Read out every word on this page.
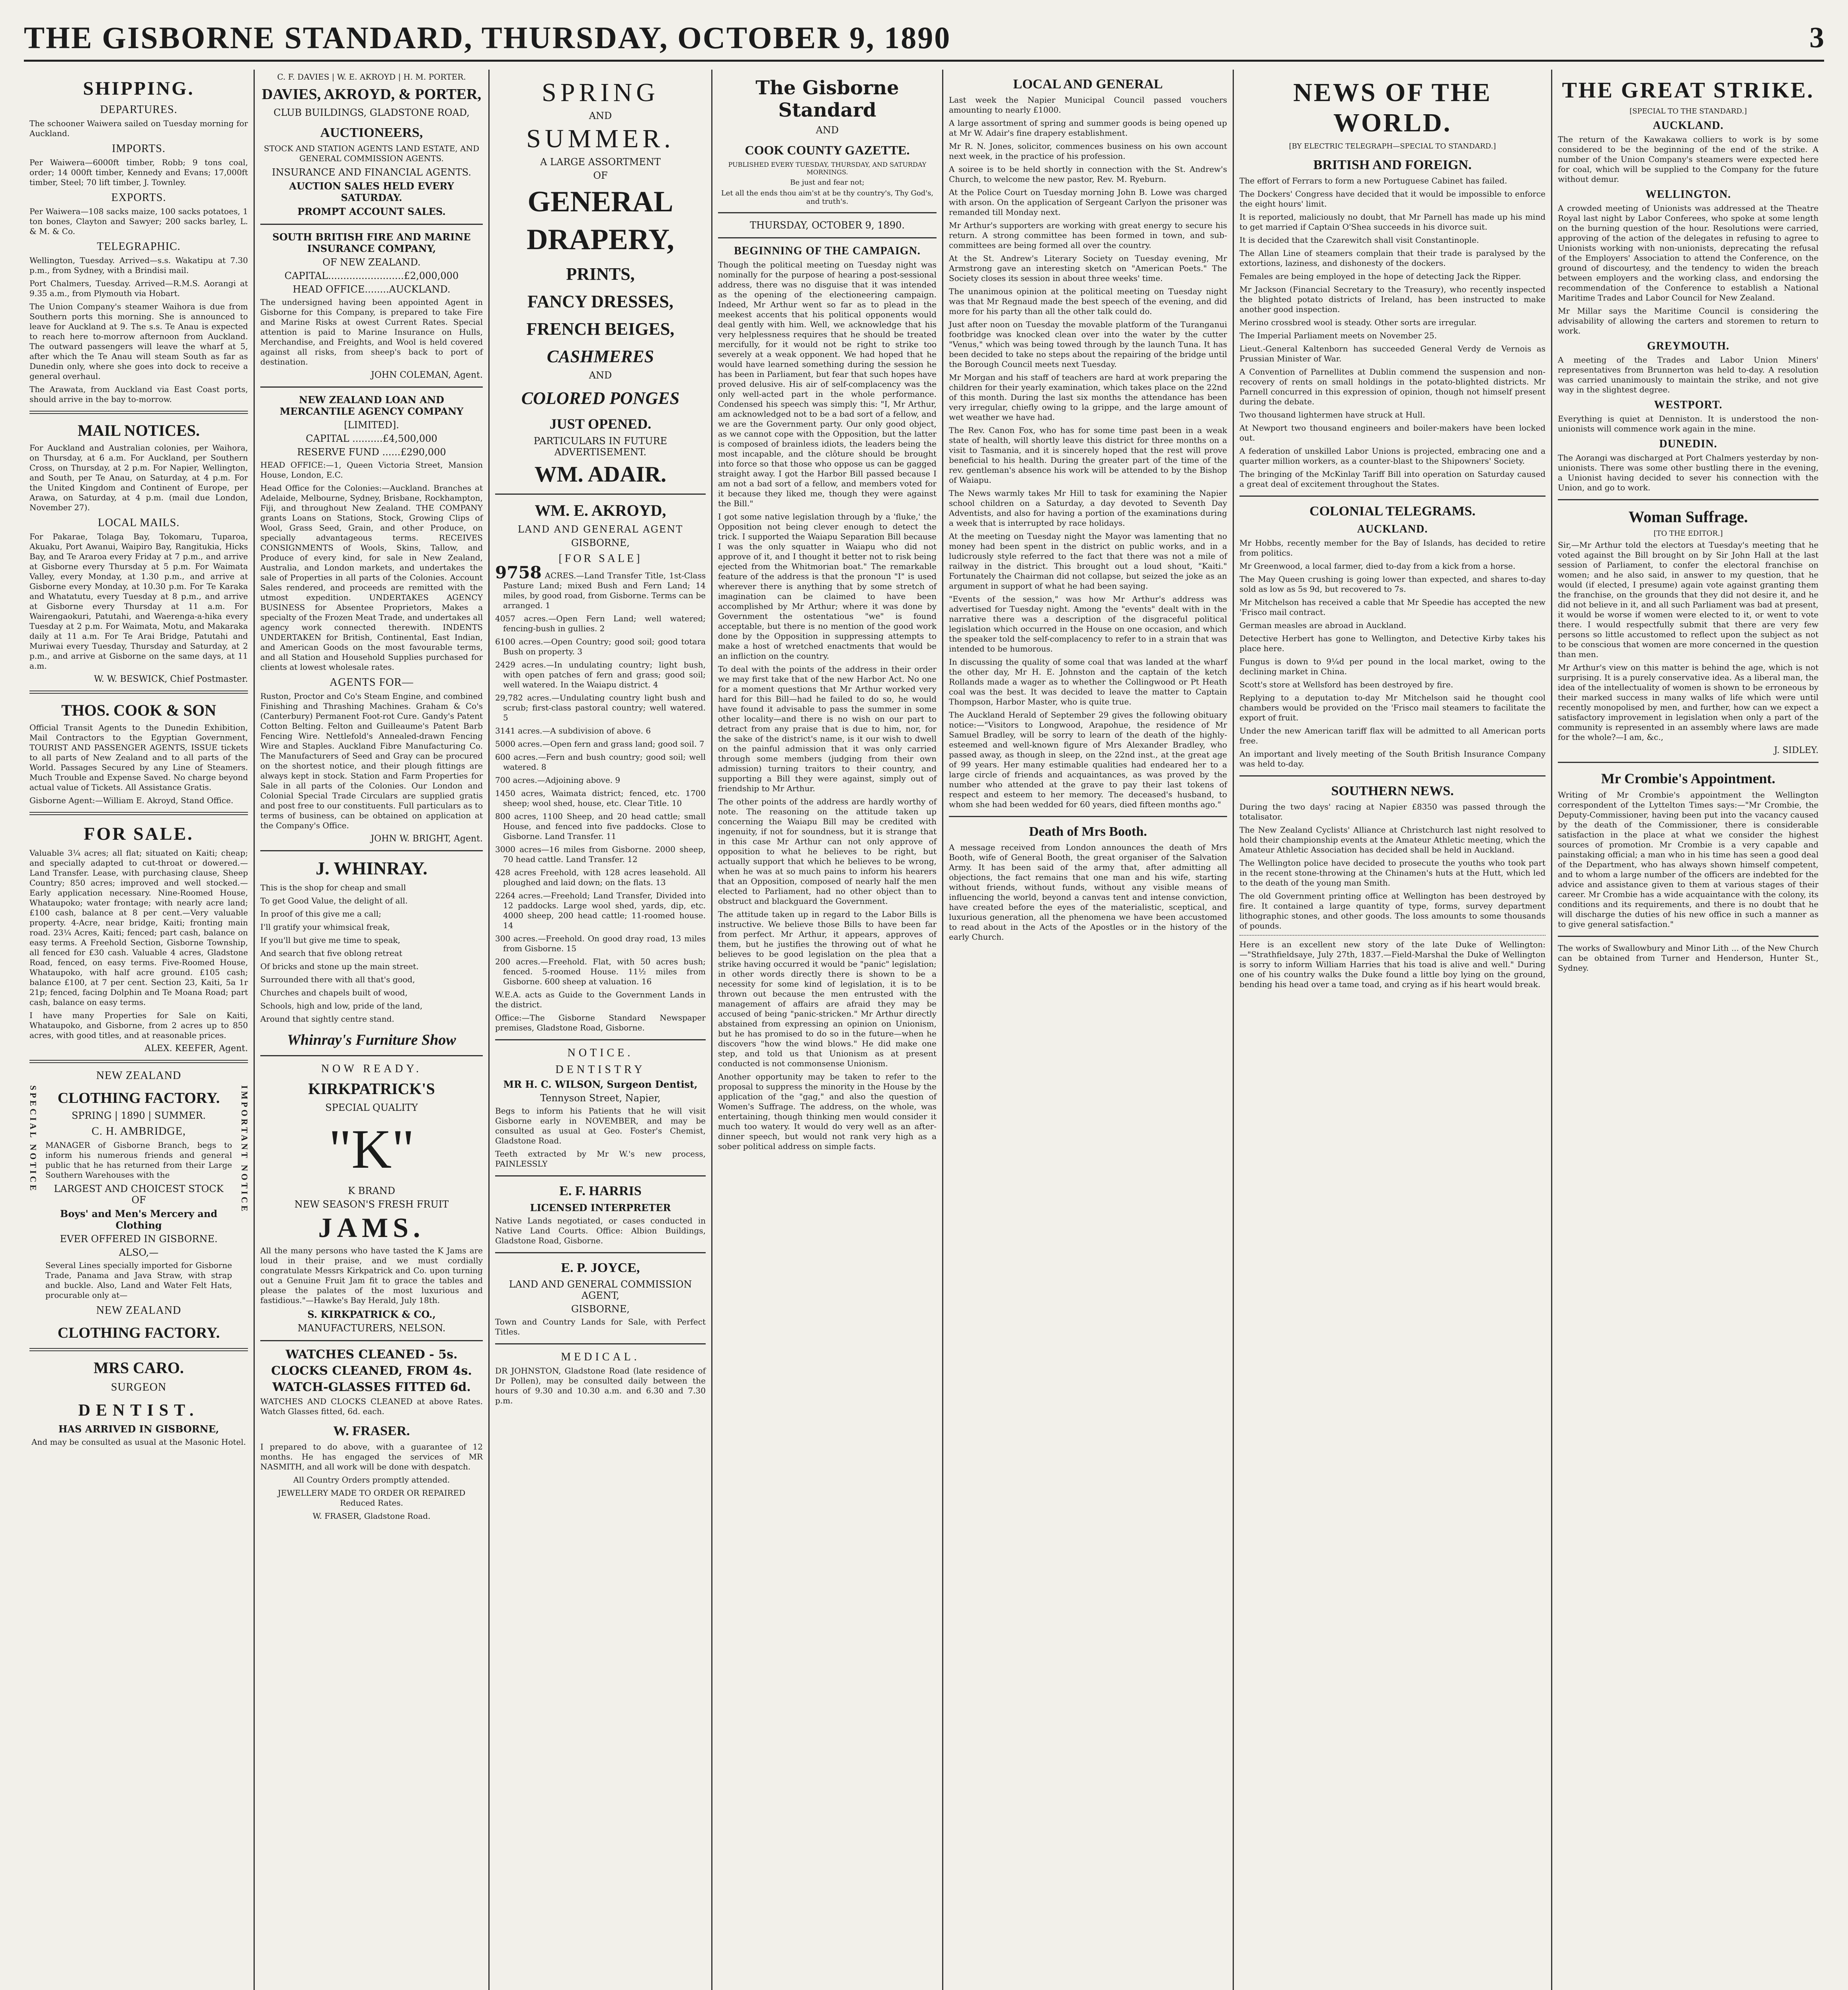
THE GISBORNE STANDARD, THURSDAY, OCTOBER 9, 1890	3
SHIPPING.
DEPARTURES.

The schooner Waiwera sailed on Tuesday morning for Auckland.

IMPORTS.

Per Waiwera—6000ft timber, Robb; 9 tons coal, order; 14 000ft timber, Kennedy and Evans; 17,000ft timber, Steel; 70 lift timber, J. Townley.

EXPORTS.

Per Waiwera—108 sacks maize, 100 sacks potatoes, 1 ton bones, Clayton and Sawyer; 200 sacks barley, L. & M. & Co.

TELEGRAPHIC.

Wellington, Tuesday. Arrived—s.s. Wakatipu at 7.30 p.m., from Sydney, with a Brindisi mail.

Port Chalmers, Tuesday. Arrived—R.M.S. Aorangi at 9.35 a.m., from Plymouth via Hobart.

The Union Company's steamer Waihora is due from Southern ports this morning. She is announced to leave for Auckland at 9. The s.s. Te Anau is expected to reach here to-morrow afternoon from Auckland. The outward passengers will leave the wharf at 5, after which the Te Anau will steam South as far as Dunedin only, where she goes into dock to receive a general overhaul.

The Arawata, from Auckland via East Coast ports, should arrive in the bay to-morrow.

MAIL NOTICES.

For Auckland and Australian colonies, per Waihora, on Thursday, at 6 a.m. For Auckland, per Southern Cross, on Thursday, at 2 p.m. For Napier, Wellington, and South, per Te Anau, on Saturday, at 4 p.m. For the United Kingdom and Continent of Europe, per Arawa, on Saturday, at 4 p.m. (mail due London, November 27).

LOCAL MAILS.

For Pakarae, Tolaga Bay, Tokomaru, Tuparoa, Akuaku, Port Awanui, Waipiro Bay, Rangitukia, Hicks Bay, and Te Araroa every Friday at 7 p.m., and arrive at Gisborne every Thursday at 5 p.m. For Waimata Valley, every Monday, at 1.30 p.m., and arrive at Gisborne every Monday, at 10.30 p.m. For Te Karaka and Whatatutu, every Tuesday at 8 p.m., and arrive at Gisborne every Thursday at 11 a.m. For Wairengaokuri, Patutahi, and Waerenga-a-hika every Tuesday at 2 p.m. For Waimata, Motu, and Makaraka daily at 11 a.m. For Te Arai Bridge, Patutahi and Muriwai every Tuesday, Thursday and Saturday, at 2 p.m., and arrive at Gisborne on the same days, at 11 a.m.

W. W. BESWICK, Chief Postmaster.
THOS. COOK & SON

Official Transit Agents to the Dunedin Exhibition, Mail Contractors to the Egyptian Government, TOURIST AND PASSENGER AGENTS, ISSUE tickets to all parts of New Zealand and to all parts of the World. Passages Secured by any Line of Steamers. Much Trouble and Expense Saved. No charge beyond actual value of Tickets. All Assistance Gratis.

Gisborne Agent:—William E. Akroyd, Stand Office.

FOR SALE.

Valuable 3¼ acres; all flat; situated on Kaiti; cheap; and specially adapted to cut-throat or dowered.—Land Transfer. Lease, with purchasing clause, Sheep Country; 850 acres; improved and well stocked.—Early application necessary. Nine-Roomed House, Whataupoko; water frontage; with nearly acre land; £100 cash, balance at 8 per cent.—Very valuable property. 4-Acre, near bridge, Kaiti; fronting main road. 23¼ Acres, Kaiti; fenced; part cash, balance on easy terms. A Freehold Section, Gisborne Township, all fenced for £30 cash. Valuable 4 acres, Gladstone Road, fenced, on easy terms. Five-Roomed House, Whataupoko, with half acre ground. £105 cash; balance £100, at 7 per cent. Section 23, Kaiti, 5a 1r 21p; fenced, facing Dolphin and Te Moana Road; part cash, balance on easy terms.

I have many Properties for Sale on Kaiti, Whataupoko, and Gisborne, from 2 acres up to 850 acres, with good titles, and at reasonable prices.

ALEX. KEEFER, Agent.
SPECIAL NOTICE	IMPORTANT NOTICE
NEW ZEALAND
CLOTHING FACTORY.
SPRING | 1890 | SUMMER.
C. H. AMBRIDGE,

MANAGER of Gisborne Branch, begs to inform his numerous friends and general public that he has returned from their Large Southern Warehouses with the

LARGEST AND CHOICEST STOCK OF
Boys' and Men's Mercery and Clothing
EVER OFFERED IN GISBORNE.
ALSO,—

Several Lines specially imported for Gisborne Trade, Panama and Java Straw, with strap and buckle. Also, Land and Water Felt Hats, procurable only at—

NEW ZEALAND
CLOTHING FACTORY.
MRS CARO.
SURGEON
DENTIST.
HAS ARRIVED IN GISBORNE,

And may be consulted as usual at the Masonic Hotel.

C. F. DAVIES | W. E. AKROYD | H. M. PORTER.
DAVIES, AKROYD, & PORTER,
CLUB BUILDINGS, GLADSTONE ROAD,
AUCTIONEERS,

STOCK AND STATION AGENTS LAND ESTATE, AND GENERAL COMMISSION AGENTS.

INSURANCE AND FINANCIAL AGENTS.
AUCTION SALES HELD EVERY SATURDAY.
PROMPT ACCOUNT SALES.
SOUTH BRITISH FIRE AND MARINE INSURANCE COMPANY,
OF NEW ZEALAND.
CAPITAL.........................£2,000,000
HEAD OFFICE........AUCKLAND.

The undersigned having been appointed Agent in Gisborne for this Company, is prepared to take Fire and Marine Risks at owest Current Rates. Special attention is paid to Marine Insurance on Hulls, Merchandise, and Freights, and Wool is held covered against all risks, from sheep's back to port of destination.

JOHN COLEMAN, Agent.
NEW ZEALAND LOAN AND MERCANTILE AGENCY COMPANY
[LIMITED].
CAPITAL ..........£4,500,000
RESERVE FUND ......£290,000

HEAD OFFICE:—1, Queen Victoria Street, Mansion House, London, E.C.

Head Office for the Colonies:—Auckland. Branches at Adelaide, Melbourne, Sydney, Brisbane, Rockhampton, Fiji, and throughout New Zealand. THE COMPANY grants Loans on Stations, Stock, Growing Clips of Wool, Grass Seed, Grain, and other Produce, on specially advantageous terms. RECEIVES CONSIGNMENTS of Wools, Skins, Tallow, and Produce of every kind, for sale in New Zealand, Australia, and London markets, and undertakes the sale of Properties in all parts of the Colonies. Account Sales rendered, and proceeds are remitted with the utmost expedition. UNDERTAKES AGENCY BUSINESS for Absentee Proprietors, Makes a specialty of the Frozen Meat Trade, and undertakes all agency work connected therewith. INDENTS UNDERTAKEN for British, Continental, East Indian, and American Goods on the most favourable terms, and all Station and Household Supplies purchased for clients at lowest wholesale rates.

AGENTS FOR—

Ruston, Proctor and Co's Steam Engine, and combined Finishing and Thrashing Machines. Graham & Co's (Canterbury) Permanent Foot-rot Cure. Gandy's Patent Cotton Belting. Felton and Guilleaume's Patent Barb Fencing Wire. Nettlefold's Annealed-drawn Fencing Wire and Staples. Auckland Fibre Manufacturing Co. The Manufacturers of Seed and Gray can be procured on the shortest notice, and their plough fittings are always kept in stock. Station and Farm Properties for Sale in all parts of the Colonies. Our London and Colonial Special Trade Circulars are supplied gratis and post free to our constituents. Full particulars as to terms of business, can be obtained on application at the Company's Office.

JOHN W. BRIGHT, Agent.
J. WHINRAY.

This is the shop for cheap and small

To get Good Value, the delight of all.

In proof of this give me a call;

I'll gratify your whimsical freak,

If you'll but give me time to speak,

And search that five oblong retreat

Of bricks and stone up the main street.

Surrounded there with all that's good,

Churches and chapels built of wood,

Schools, high and low, pride of the land,

Around that sightly centre stand.

Whinray's Furniture Show
NOW READY.
KIRKPATRICK'S
SPECIAL QUALITY
"K"
K BRAND
NEW SEASON'S FRESH FRUIT
JAMS.

All the many persons who have tasted the K Jams are loud in their praise, and we must cordially congratulate Messrs Kirkpatrick and Co. upon turning out a Genuine Fruit Jam fit to grace the tables and please the palates of the most luxurious and fastidious."—Hawke's Bay Herald, July 18th.

S. KIRKPATRICK & CO.,
MANUFACTURERS, NELSON.
WATCHES CLEANED - 5s.
CLOCKS CLEANED, FROM 4s.
WATCH-GLASSES FITTED 6d.

WATCHES AND CLOCKS CLEANED at above Rates. Watch Glasses fitted, 6d. each.

W. FRASER.

I prepared to do above, with a guarantee of 12 months. He has engaged the services of MR NASMITH, and all work will be done with despatch.

All Country Orders promptly attended.

JEWELLERY MADE TO ORDER OR REPAIRED Reduced Rates.

W. FRASER, Gladstone Road.

SPRING
AND
SUMMER.
A LARGE ASSORTMENT
OF
GENERAL
DRAPERY,
PRINTS,
FANCY DRESSES,
FRENCH BEIGES,
CASHMERES
AND
COLORED PONGES
JUST OPENED.
PARTICULARS IN FUTURE ADVERTISEMENT.
WM. ADAIR.
WM. E. AKROYD,
LAND AND GENERAL AGENT
GISBORNE,
[FOR SALE]

9758 ACRES.—Land Transfer Title, 1st-Class Pasture Land; mixed Bush and Fern Land; 14 miles, by good road, from Gisborne. Terms can be arranged. 1

4057 acres.—Open Fern Land; well watered; fencing-bush in gullies. 2

6100 acres.—Open Country; good soil; good totara Bush on property. 3

2429 acres.—In undulating country; light bush, with open patches of fern and grass; good soil; well watered. In the Waiapu district. 4

29,782 acres.—Undulating country light bush and scrub; first-class pastoral country; well watered. 5

3141 acres.—A subdivision of above. 6

5000 acres.—Open fern and grass land; good soil. 7

600 acres.—Fern and bush country; good soil; well watered. 8

700 acres.—Adjoining above. 9

1450 acres, Waimata district; fenced, etc. 1700 sheep; wool shed, house, etc. Clear Title. 10

800 acres, 1100 Sheep, and 20 head cattle; small House, and fenced into five paddocks. Close to Gisborne. Land Transfer. 11

3000 acres—16 miles from Gisborne. 2000 sheep, 70 head cattle. Land Transfer. 12

428 acres Freehold, with 128 acres leasehold. All ploughed and laid down; on the flats. 13

2264 acres.—Freehold; Land Transfer, Divided into 12 paddocks. Large wool shed, yards, dip, etc. 4000 sheep, 200 head cattle; 11-roomed house. 14

300 acres.—Freehold. On good dray road, 13 miles from Gisborne. 15

200 acres.—Freehold. Flat, with 50 acres bush; fenced. 5-roomed House. 11½ miles from Gisborne. 600 sheep at valuation. 16

W.E.A. acts as Guide to the Government Lands in the district.

Office:—The Gisborne Standard Newspaper premises, Gladstone Road, Gisborne.

NOTICE.
DENTISTRY
MR H. C. WILSON, Surgeon Dentist,
Tennyson Street, Napier,

Begs to inform his Patients that he will visit Gisborne early in NOVEMBER, and may be consulted as usual at Geo. Foster's Chemist, Gladstone Road.

Teeth extracted by Mr W.'s new process, PAINLESSLY

E. F. HARRIS
LICENSED INTERPRETER

Native Lands negotiated, or cases conducted in Native Land Courts. Office: Albion Buildings, Gladstone Road, Gisborne.

E. P. JOYCE,
LAND AND GENERAL COMMISSION AGENT,
GISBORNE,

Town and Country Lands for Sale, with Perfect Titles.

MEDICAL.

DR JOHNSTON, Gladstone Road (late residence of Dr Pollen), may be consulted daily between the hours of 9.30 and 10.30 a.m. and 6.30 and 7.30 p.m.

The Gisborne Standard
AND
COOK COUNTY GAZETTE.
PUBLISHED EVERY TUESDAY, THURSDAY, AND SATURDAY MORNINGS.
Be just and fear not;
Let all the ends thou aim'st at be thy country's, Thy God's, and truth's.
THURSDAY, OCTOBER 9, 1890.
BEGINNING OF THE CAMPAIGN.

Though the political meeting on Tuesday night was nominally for the purpose of hearing a post-sessional address, there was no disguise that it was intended as the opening of the electioneering campaign. Indeed, Mr Arthur went so far as to plead in the meekest accents that his political opponents would deal gently with him. Well, we acknowledge that his very helplessness requires that he should be treated mercifully, for it would not be right to strike too severely at a weak opponent. We had hoped that he would have learned something during the session he has been in Parliament, but fear that such hopes have proved delusive. His air of self-complacency was the only well-acted part in the whole performance. Condensed his speech was simply this: "I, Mr Arthur, am acknowledged not to be a bad sort of a fellow, and we are the Government party. Our only good object, as we cannot cope with the Opposition, but the latter is composed of brainless idiots, the leaders being the most incapable, and the clôture should be brought into force so that those who oppose us can be gagged straight away. I got the Harbor Bill passed because I am not a bad sort of a fellow, and members voted for it because they liked me, though they were against the Bill."

I got some native legislation through by a 'fluke,' the Opposition not being clever enough to detect the trick. I supported the Waiapu Separation Bill because I was the only squatter in Waiapu who did not approve of it, and I thought it better not to risk being ejected from the Whitmorian boat." The remarkable feature of the address is that the pronoun "I" is used wherever there is anything that by some stretch of imagination can be claimed to have been accomplished by Mr Arthur; where it was done by Government the ostentatious "we" is found acceptable, but there is no mention of the good work done by the Opposition in suppressing attempts to make a host of wretched enactments that would be an infliction on the country.

To deal with the points of the address in their order we may first take that of the new Harbor Act. No one for a moment questions that Mr Arthur worked very hard for this Bill—had he failed to do so, he would have found it advisable to pass the summer in some other locality—and there is no wish on our part to detract from any praise that is due to him, nor, for the sake of the district's name, is it our wish to dwell on the painful admission that it was only carried through some members (judging from their own admission) turning traitors to their country, and supporting a Bill they were against, simply out of friendship to Mr Arthur.

The other points of the address are hardly worthy of note. The reasoning on the attitude taken up concerning the Waiapu Bill may be credited with ingenuity, if not for soundness, but it is strange that in this case Mr Arthur can not only approve of opposition to what he believes to be right, but actually support that which he believes to be wrong, when he was at so much pains to inform his hearers that an Opposition, composed of nearly half the men elected to Parliament, had no other object than to obstruct and blackguard the Government.

The attitude taken up in regard to the Labor Bills is instructive. We believe those Bills to have been far from perfect. Mr Arthur, it appears, approves of them, but he justifies the throwing out of what he believes to be good legislation on the plea that a strike having occurred it would be "panic" legislation; in other words directly there is shown to be a necessity for some kind of legislation, it is to be thrown out because the men entrusted with the management of affairs are afraid they may be accused of being "panic-stricken." Mr Arthur directly abstained from expressing an opinion on Unionism, but he has promised to do so in the future—when he discovers "how the wind blows." He did make one step, and told us that Unionism as at present conducted is not commonsense Unionism.

Another opportunity may be taken to refer to the proposal to suppress the minority in the House by the application of the "gag," and also the question of Women's Suffrage. The address, on the whole, was entertaining, though thinking men would consider it much too watery. It would do very well as an after-dinner speech, but would not rank very high as a sober political address on simple facts.

LOCAL AND GENERAL

Last week the Napier Municipal Council passed vouchers amounting to nearly £1000.

A large assortment of spring and summer goods is being opened up at Mr W. Adair's fine drapery establishment.

Mr R. N. Jones, solicitor, commences business on his own account next week, in the practice of his profession.

A soiree is to be held shortly in connection with the St. Andrew's Church, to welcome the new pastor, Rev. M. Ryeburn.

At the Police Court on Tuesday morning John B. Lowe was charged with arson. On the application of Sergeant Carlyon the prisoner was remanded till Monday next.

Mr Arthur's supporters are working with great energy to secure his return. A strong committee has been formed in town, and sub-committees are being formed all over the country.

At the St. Andrew's Literary Society on Tuesday evening, Mr Armstrong gave an interesting sketch on "American Poets." The Society closes its session in about three weeks' time.

The unanimous opinion at the political meeting on Tuesday night was that Mr Regnaud made the best speech of the evening, and did more for his party than all the other talk could do.

Just after noon on Tuesday the movable platform of the Turanganui footbridge was knocked clean over into the water by the cutter "Venus," which was being towed through by the launch Tuna. It has been decided to take no steps about the repairing of the bridge until the Borough Council meets next Tuesday.

Mr Morgan and his staff of teachers are hard at work preparing the children for their yearly examination, which takes place on the 22nd of this month. During the last six months the attendance has been very irregular, chiefly owing to la grippe, and the large amount of wet weather we have had.

The Rev. Canon Fox, who has for some time past been in a weak state of health, will shortly leave this district for three months on a visit to Tasmania, and it is sincerely hoped that the rest will prove beneficial to his health. During the greater part of the time of the rev. gentleman's absence his work will be attended to by the Bishop of Waiapu.

The News warmly takes Mr Hill to task for examining the Napier school children on a Saturday, a day devoted to Seventh Day Adventists, and also for having a portion of the examinations during a week that is interrupted by race holidays.

At the meeting on Tuesday night the Mayor was lamenting that no money had been spent in the district on public works, and in a ludicrously style referred to the fact that there was not a mile of railway in the district. This brought out a loud shout, "Kaiti." Fortunately the Chairman did not collapse, but seized the joke as an argument in support of what he had been saying.

"Events of the session," was how Mr Arthur's address was advertised for Tuesday night. Among the "events" dealt with in the narrative there was a description of the disgraceful political legislation which occurred in the House on one occasion, and which the speaker told the self-complacency to refer to in a strain that was intended to be humorous.

In discussing the quality of some coal that was landed at the wharf the other day, Mr H. E. Johnston and the captain of the ketch Rollands made a wager as to whether the Collingwood or Pt Heath coal was the best. It was decided to leave the matter to Captain Thompson, Harbor Master, who is quite true.

The Auckland Herald of September 29 gives the following obituary notice:—"Visitors to Longwood, Arapohue, the residence of Mr Samuel Bradley, will be sorry to learn of the death of the highly-esteemed and well-known figure of Mrs Alexander Bradley, who passed away, as though in sleep, on the 22nd inst., at the great age of 99 years. Her many estimable qualities had endeared her to a large circle of friends and acquaintances, as was proved by the number who attended at the grave to pay their last tokens of respect and esteem to her memory. The deceased's husband, to whom she had been wedded for 60 years, died fifteen months ago."

Death of Mrs Booth.

A message received from London announces the death of Mrs Booth, wife of General Booth, the great organiser of the Salvation Army. It has been said of the army that, after admitting all objections, the fact remains that one man and his wife, starting without friends, without funds, without any visible means of influencing the world, beyond a canvas tent and intense conviction, have created before the eyes of the materialistic, sceptical, and luxurious generation, all the phenomena we have been accustomed to read about in the Acts of the Apostles or in the history of the early Church.

NEWS OF THE
WORLD.
[BY ELECTRIC TELEGRAPH—SPECIAL TO STANDARD.]
BRITISH AND FOREIGN.

The effort of Ferrars to form a new Portuguese Cabinet has failed.

The Dockers' Congress have decided that it would be impossible to enforce the eight hours' limit.

It is reported, maliciously no doubt, that Mr Parnell has made up his mind to get married if Captain O'Shea succeeds in his divorce suit.

It is decided that the Czarewitch shall visit Constantinople.

The Allan Line of steamers complain that their trade is paralysed by the extortions, laziness, and dishonesty of the dockers.

Females are being employed in the hope of detecting Jack the Ripper.

Mr Jackson (Financial Secretary to the Treasury), who recently inspected the blighted potato districts of Ireland, has been instructed to make another good inspection.

Merino crossbred wool is steady. Other sorts are irregular.

The Imperial Parliament meets on November 25.

Lieut.-General Kaltenborn has succeeded General Verdy de Vernois as Prussian Minister of War.

A Convention of Parnellites at Dublin commend the suspension and non-recovery of rents on small holdings in the potato-blighted districts. Mr Parnell concurred in this expression of opinion, though not himself present during the debate.

Two thousand lightermen have struck at Hull.

At Newport two thousand engineers and boiler-makers have been locked out.

A federation of unskilled Labor Unions is projected, embracing one and a quarter million workers, as a counter-blast to the Shipowners' Society.

The bringing of the McKinlay Tariff Bill into operation on Saturday caused a great deal of excitement throughout the States.

COLONIAL TELEGRAMS.
AUCKLAND.

Mr Hobbs, recently member for the Bay of Islands, has decided to retire from politics.

Mr Greenwood, a local farmer, died to-day from a kick from a horse.

The May Queen crushing is going lower than expected, and shares to-day sold as low as 5s 9d, but recovered to 7s.

Mr Mitchelson has received a cable that Mr Speedie has accepted the new 'Frisco mail contract.

German measles are abroad in Auckland.

Detective Herbert has gone to Wellington, and Detective Kirby takes his place here.

Fungus is down to 9¼d per pound in the local market, owing to the declining market in China.

Scott's store at Wellsford has been destroyed by fire.

Replying to a deputation to-day Mr Mitchelson said he thought cool chambers would be provided on the 'Frisco mail steamers to facilitate the export of fruit.

Under the new American tariff flax will be admitted to all American ports free.

An important and lively meeting of the South British Insurance Company was held to-day.

SOUTHERN NEWS.

During the two days' racing at Napier £8350 was passed through the totalisator.

The New Zealand Cyclists' Alliance at Christchurch last night resolved to hold their championship events at the Amateur Athletic meeting, which the Amateur Athletic Association has decided shall be held in Auckland.

The Wellington police have decided to prosecute the youths who took part in the recent stone-throwing at the Chinamen's huts at the Hutt, which led to the death of the young man Smith.

The old Government printing office at Wellington has been destroyed by fire. It contained a large quantity of type, forms, survey department lithographic stones, and other goods. The loss amounts to some thousands of pounds.

Here is an excellent new story of the late Duke of Wellington:—"Strathfieldsaye, July 27th, 1837.—Field-Marshal the Duke of Wellington is sorry to inform William Harries that his toad is alive and well." During one of his country walks the Duke found a little boy lying on the ground, bending his head over a tame toad, and crying as if his heart would break.

THE GREAT STRIKE.
[SPECIAL TO THE STANDARD.]
AUCKLAND.

The return of the Kawakawa colliers to work is by some considered to be the beginning of the end of the strike. A number of the Union Company's steamers were expected here for coal, which will be supplied to the Company for the future without demur.

WELLINGTON.

A crowded meeting of Unionists was addressed at the Theatre Royal last night by Labor Conferees, who spoke at some length on the burning question of the hour. Resolutions were carried, approving of the action of the delegates in refusing to agree to Unionists working with non-unionists, deprecating the refusal of the Employers' Association to attend the Conference, on the ground of discourtesy, and the tendency to widen the breach between employers and the working class, and endorsing the recommendation of the Conference to establish a National Maritime Trades and Labor Council for New Zealand.

Mr Millar says the Maritime Council is considering the advisability of allowing the carters and storemen to return to work.

GREYMOUTH.

A meeting of the Trades and Labor Union Miners' representatives from Brunnerton was held to-day. A resolution was carried unanimously to maintain the strike, and not give way in the slightest degree.

WESTPORT.

Everything is quiet at Denniston. It is understood the non-unionists will commence work again in the mine.

DUNEDIN.

The Aorangi was discharged at Port Chalmers yesterday by non-unionists. There was some other bustling there in the evening, a Unionist having decided to sever his connection with the Union, and go to work.

Woman Suffrage.
[TO THE EDITOR.]

Sir,—Mr Arthur told the electors at Tuesday's meeting that he voted against the Bill brought on by Sir John Hall at the last session of Parliament, to confer the electoral franchise on women; and he also said, in answer to my question, that he would (if elected, I presume) again vote against granting them the franchise, on the grounds that they did not desire it, and he did not believe in it, and all such Parliament was bad at present, it would be worse if women were elected to it, or went to vote there. I would respectfully submit that there are very few persons so little accustomed to reflect upon the subject as not to be conscious that women are more concerned in the question than men.

Mr Arthur's view on this matter is behind the age, which is not surprising. It is a purely conservative idea. As a liberal man, the idea of the intellectuality of women is shown to be erroneous by their marked success in many walks of life which were until recently monopolised by men, and further, how can we expect a satisfactory improvement in legislation when only a part of the community is represented in an assembly where laws are made for the whole?—I am, &c.,

J. SIDLEY.
Mr Crombie's Appointment.

Writing of Mr Crombie's appointment the Wellington correspondent of the Lyttelton Times says:—"Mr Crombie, the Deputy-Commissioner, having been put into the vacancy caused by the death of the Commissioner, there is considerable satisfaction in the place at what we consider the highest sources of promotion. Mr Crombie is a very capable and painstaking official; a man who in his time has seen a good deal of the Department, who has always shown himself competent, and to whom a large number of the officers are indebted for the advice and assistance given to them at various stages of their career. Mr Crombie has a wide acquaintance with the colony, its conditions and its requirements, and there is no doubt that he will discharge the duties of his new office in such a manner as to give general satisfaction."

The works of Swallowbury and Minor Lith ... of the New Church can be obtained from Turner and Henderson, Hunter St., Sydney.
